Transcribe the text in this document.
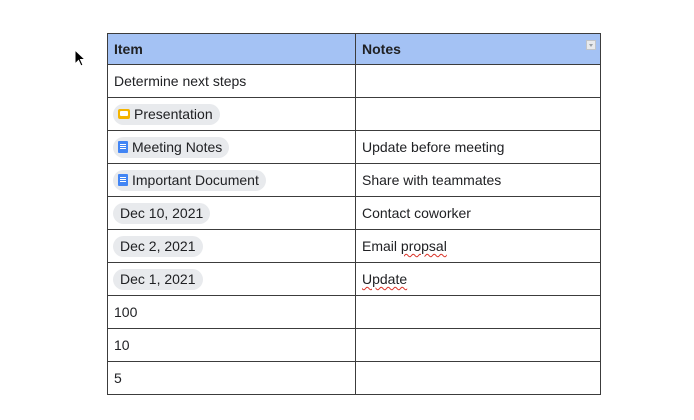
Item	Notes

Determine next steps	

Presentation	

Meeting Notes	Update before meeting

Important Document	Share with teammates

Dec 10, 2021	Contact coworker

Dec 2, 2021	Email propsal

Dec 1, 2021	Update
100	
10	
5	
